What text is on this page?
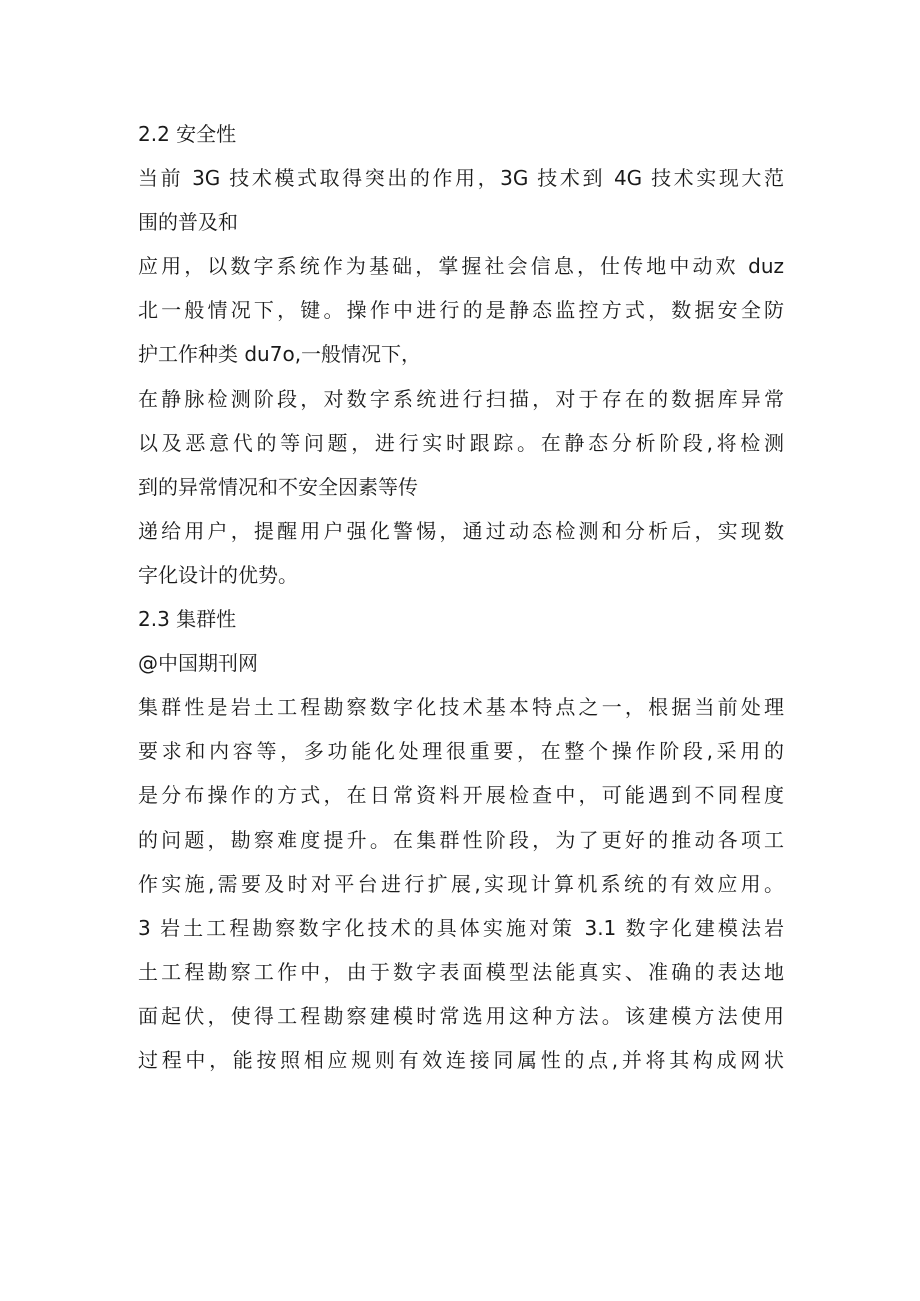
2.2 安全性
当前 3G 技术模式取得突出的作用，3G 技术到 4G 技术实现大范
围的普及和
应用，以数字系统作为基础，掌握社会信息，仕传地中动欢 duz
北一般情况下，键。操作中进行的是静态监控方式，数据安全防
护工作种类 du7o,一般情况下，
在静脉检测阶段，对数字系统进行扫描，对于存在的数据库异常
以及恶意代的等问题，进行实时跟踪。在静态分析阶段,将检测
到的异常情况和不安全因素等传
递给用户，提醒用户强化警惕，通过动态检测和分析后，实现数
字化设计的优势。
2.3 集群性
@中国期刊网
集群性是岩土工程勘察数字化技术基本特点之一，根据当前处理
要求和内容等，多功能化处理很重要，在整个操作阶段,采用的
是分布操作的方式，在日常资料开展检查中，可能遇到不同程度
的问题，勘察难度提升。在集群性阶段，为了更好的推动各项工
作实施,需要及时对平台进行扩展,实现计算机系统的有效应用。
3 岩土工程勘察数字化技术的具体实施对策 3.1 数字化建模法岩
土工程勘察工作中，由于数字表面模型法能真实、准确的表达地
面起伏，使得工程勘察建模时常选用这种方法。该建模方法使用
过程中，能按照相应规则有效连接同属性的点,并将其构成网状
